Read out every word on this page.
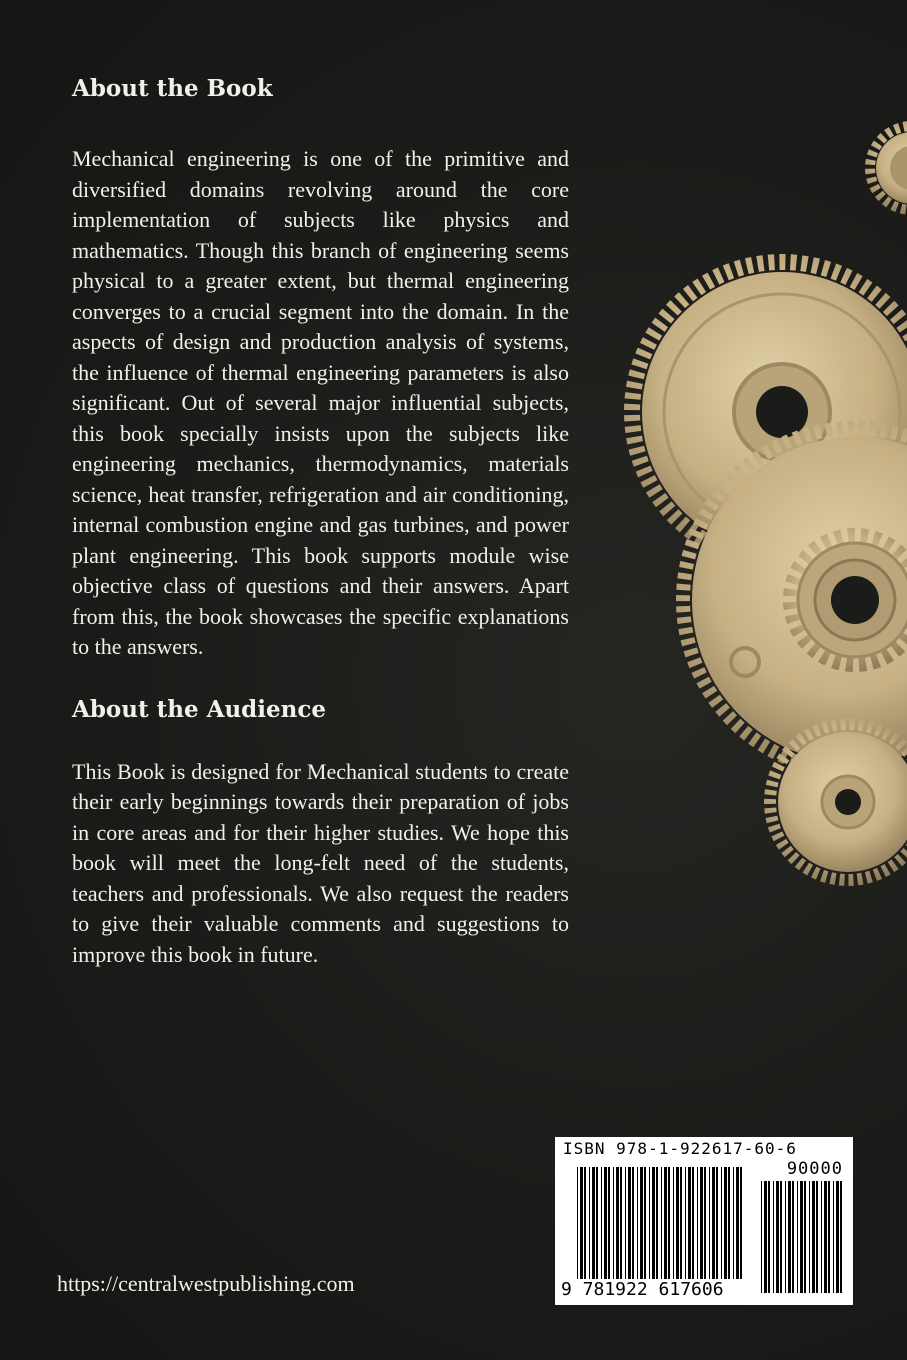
About the Book

Mechanical engineering is one of the primitive and diversified domains revolving around the core implementation of subjects like physics and mathematics. Though this branch of engineering seems physical to a greater extent, but thermal engineering converges to a crucial segment into the domain. In the aspects of design and production analysis of systems, the influence of thermal engineering parameters is also significant. Out of several major influential subjects, this book specially insists upon the subjects like engineering mechanics, thermodynamics, materials science, heat transfer, refrigeration and air conditioning, internal combustion engine and gas turbines, and power plant engineering. This book supports module wise objective class of questions and their answers. Apart from this, the book showcases the specific explanations to the answers.

About the Audience

This Book is designed for Mechanical students to create their early beginnings towards their preparation of jobs in core areas and for their higher studies. We hope this book will meet the long-felt need of the students, teachers and professionals. We also request the readers to give their valuable comments and suggestions to improve this book in future.

https://centralwestpublishing.com
ISBN 978-1-922617-60-6
90000
9 781922 617606
